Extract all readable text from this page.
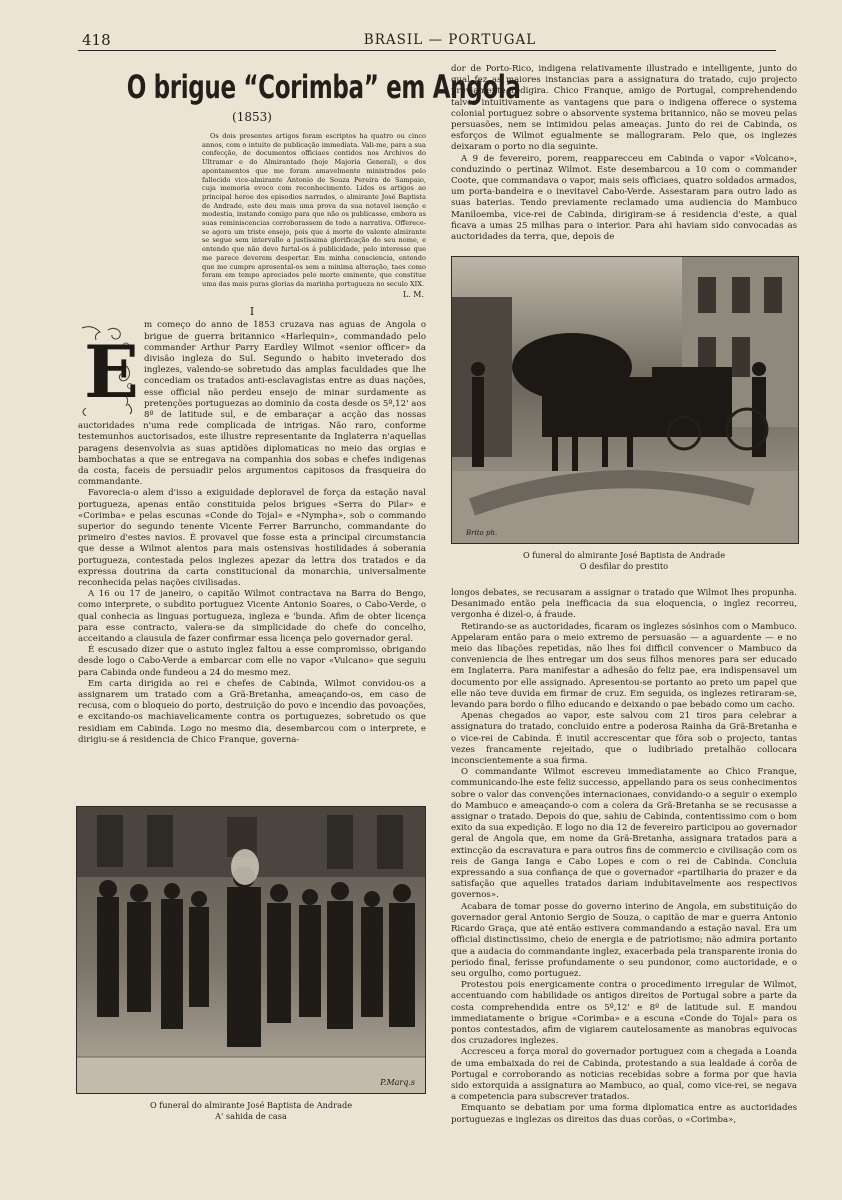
418	BRASIL — PORTUGAL
O brigue “Corimba” em Angola
(1853)

Os dois presentes artigos foram escriptos ha quatro ou cinco annos, com o intuito de publicação immediata. Vali-me, para a sua confecção, de documentos officiaes contidos nos Archivos do Ultramar e do Almirantado (hoje Majoria General), e dos apontamentos que me foram amavelmente ministrados pelo fallecido vice-almirante Antonio de Souza Pereira de Sampaio, cuja memoria evoco com reconhecimento. Lidos os artigos ao principal heroe dos episodios narrados, o almirante José Baptista de Andrade, este deu mais uma prova da sua notavel isenção e modestia, instando comigo para que não os publicasse, embora as suas reminiscencias corroborassem de todo a narrativa. Offerece-se agora um triste ensejo, pois que á morte do valente almirante se segue sem intervallo a justissima glorificação do seu nome, e entendo que não devo furtal-os á publicidade, pelo interesse que me parece deverem despertar. Em minha consciencia, entendo que me cumpre apresental-os sem a minima alteração, taes como foram em tempo apreciados pelo morto eminente, que constitue uma das mais puras glorias da marinha portugueza no seculo XIX.

L. M.
I
E

m começo do anno de 1853 cruzava nas aguas de Angola o brigue de guerra britannico «Harlequin», commandado pelo commander Arthur Parry Eardley Wilmot «senior officer» da divisão ingleza do Sul. Segundo o habito inveterado dos inglezes, valendo-se sobretudo das amplas faculdades que lhe concediam os tratados anti-esclavagistas entre as duas nações, esse official não perdeu ensejo de minar surdamente as pretenções portuguezas ao dominio da costa desde os 5º,12' aos 8º de latitude sul, e de embaraçar a acção das nossas auctoridades n'uma rede complicada de intrigas. Não raro, conforme testemunhos auctorisados, este illustre representante da Inglaterra n'aquellas paragens desenvolvia as suas aptidões diplomaticas no meio das orgias e bambochatas a que se entregava na companhia dos sobas e chefes indigenas da costa, faceis de persuadir pelos argumentos capitosos da frasqueira do commandante.

Favorecia-o alem d'isso a exiguidade deploravel de força da estação naval portugueza, apenas então constituida pelos brigues «Serra do Pilar» e «Corimba» e pelas escunas «Conde do Tojal» e «Nympha», sob o commando superior do segundo tenente Vicente Ferrer Barruncho, commandante do primeiro d'estes navios. É provavel que fosse esta a principal circumstancia que desse a Wilmot alentos para mais ostensivas hostilidades á soberania portugueza, contestada pelos inglezes apezar da lettra dos tratados e da expressa doutrina da carta constitucional da monarchia, universalmente reconhecida pelas nações civilisadas.

A 16 ou 17 de janeiro, o capitão Wilmot contractava na Barra do Bengo, como interprete, o subdito portuguez Vicente Antonio Soares, o Cabo-Verde, o qual conhecia as linguas portugueza, ingleza e 'bunda. Afim de obter licença para esse contracto, valera-se da simplicidade do chefe do concelho, acceitando a clausula de fazer confirmar essa licença pelo governador geral.

É escusado dizer que o astuto inglez faltou a esse compromisso, obrigando desde logo o Cabo-Verde a embarcar com elle no vapor «Vulcano» que seguiu para Cabinda onde fundeou a 24 do mesmo mez.

Em carta dirigida ao rei e chefes de Cabinda, Wilmot convidou-os a assignarem um tratado com a Grã-Bretanha, ameaçando-os, em caso de recusa, com o bloqueio do porto, destruição do povo e incendio das povoações, e excitando-os machiavelicamente contra os portuguezes, sobretudo os que residiam em Cabinda. Logo no mesmo dia, desembarcou com o interprete, e dirigiu-se á residencia de Chico Franque, governa-

P.Marq.s
O funeral do almirante José Baptista de Andrade
A' sahida de casa

dor de Porto-Rico, indigena relativamente illustrado e intelligente, junto do qual fez as maiores instancias para a assignatura do tratado, cujo projecto previamente redigira. Chico Franque, amigo de Portugal, comprehendendo talvez intuitivamente as vantagens que para o indigena offerece o systema colonial portuguez sobre o absorvente systema britannico, não se moveu pelas persuasões, nem se intimidou pelas ameaças. Junto do rei de Cabinda, os esforços de Wilmot egualmente se mallograram. Pelo que, os inglezes deixaram o porto no dia seguinte.

A 9 de fevereiro, porem, reapparecceu em Cabinda o vapor «Volcano», conduzindo o pertinaz Wilmot. Este desembarcou a 10 com o commander Coote, que commandava o vapor, mais seis officiaes, quatro soldados armados, um porta-bandeira e o inevitavel Cabo-Verde. Assestaram para outro lado as suas baterias. Tendo previamente reclamado uma audiencia do Mambuco Maniloemba, vice-rei de Cabinda, dirigiram-se á residencia d'este, a qual ficava a umas 25 milhas para o interior. Para ahi haviam sido convocadas as auctoridades da terra, que, depois de

Brito ph.
O funeral do almirante José Baptista de Andrade
O desfilar do prestito

longos debates, se recusaram a assignar o tratado que Wilmot lhes propunha. Desanimado então pela inefficacia da sua eloquencia, o inglez recorreu, vergonha é dizel-o, á fraude.

Retirando-se as auctoridades, ficaram os inglezes sósinhos com o Mambuco. Appelaram então para o meio extremo de persuasão — a aguardente — e no meio das libações repetidas, não lhes foi difficil convencer o Mambuco da conveniencia de lhes entregar um dos seus filhos menores para ser educado em Inglaterra. Para manifestar a adhesão do feliz pae, era indispensavel um documento por elle assignado. Apresentou-se portanto ao preto um papel que elle não teve duvida em firmar de cruz. Em seguida, os inglezes retiraram-se, levando para bordo o filho educando e deixando o pae bebado como um cacho.

Apenas chegados ao vapor, este salvou com 21 tiros para celebrar a assignatura do tratado, concluido entre a poderosa Rainha da Grã-Bretanha e o vice-rei de Cabinda. É inutil accrescentar que fôra sob o projecto, tantas vezes francamente rejeitado, que o ludibriado pretalhão collocara inconscientemente a sua firma.

O commandante Wilmot escreveu immediatamente ao Chico Franque, communicando-lhe este feliz successo, appellando para os seus conhecimentos sobre o valor das convenções internacionaes, convidando-o a seguir o exemplo do Mambuco e ameaçando-o com a colera da Grã-Bretanha se se recusasse a assignar o tratado. Depois do que, sahiu de Cabinda, contentissimo com o bom exito da sua expedição. E logo no dia 12 de fevereiro participou ao governador geral de Angola que, em nome da Grã-Bretanha, assignara tratados para a extincção da escravatura e para outros fins de commercio e civilisação com os reis de Ganga Ianga e Cabo Lopes e com o rei de Cabinda. Concluia expressando a sua confiança de que o governador «partilharia do prazer e da satisfação que aquelles tratados dariam indubitavelmente aos respectivos governos».

Acabara de tomar posse do governo interino de Angola, em substituição do governador geral Antonio Sergio de Souza, o capitão de mar e guerra Antonio Ricardo Graça, que até então estivera commandando a estação naval. Era um official distinctissimo, cheio de energia e de patriotismo; não admira portanto que a audacia do commandante inglez, exacerbada pela transparente ironia do periodo final, ferisse profundamente o seu pundonor, como auctoridade, e o seu orgulho, como portuguez.

Protestou pois energicamente contra o procedimento irregular de Wilmot, accentuando com habilidade os antigos direitos de Portugal sobre a parte da costa comprehendida entre os 5º,12' e 8º de latitude sul. E mandou immediatamente o brigue «Corimba» e a escuna «Conde do Tojal» para os pontos contestados, afim de vigiarem cautelosamente as manobras equivocas dos cruzadores inglezes.

Accresceu a força moral do governador portuguez com a chegada a Loanda de uma embaixada do rei de Cabinda, protestando a sua lealdade á corôa de Portugal e corroborando as noticias recebidas sobre a forma por que havia sido extorquida a assignatura ao Mambuco, ao qual, como vice-rei, se negava a competencia para subscrever tratados.

Emquanto se debatiam por uma forma diplomatica entre as auctoridades portuguezas e inglezas os direitos das duas corôas, o «Corimba»,
